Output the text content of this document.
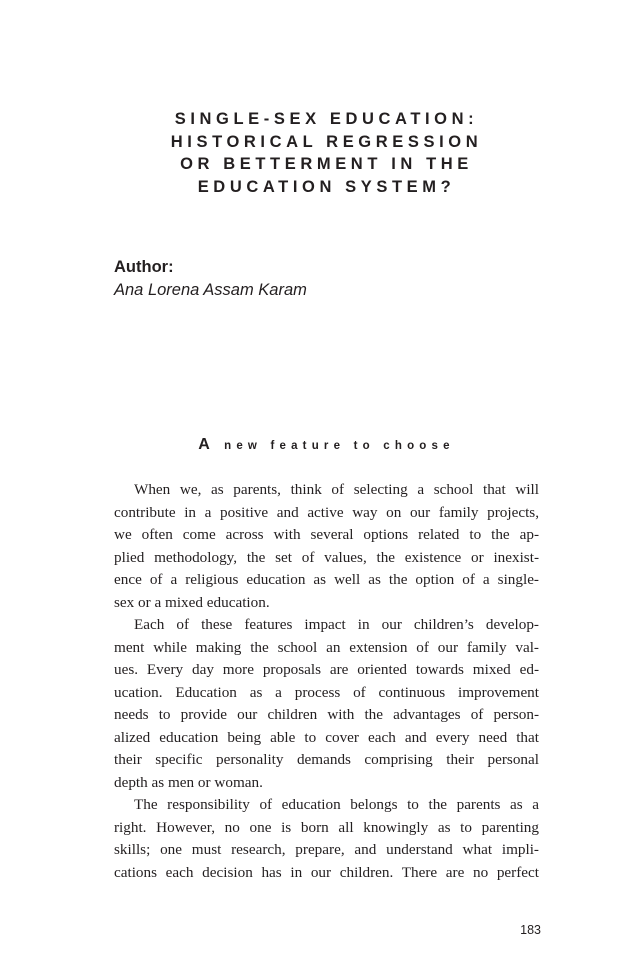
SINGLE-SEX EDUCATION:
HISTORICAL REGRESSION
OR BETTERMENT IN THE
EDUCATION SYSTEM?

Author:

Ana Lorena Assam Karam

A new feature to choose
When we, as parents, think of selecting a school that will
contribute in a positive and active way on our family projects,
we often come across with several options related to the ap-
plied methodology, the set of values, the existence or inexist-
ence of a religious education as well as the option of a single-
sex or a mixed education.
Each of these features impact in our children’s develop-
ment while making the school an extension of our family val-
ues. Every day more proposals are oriented towards mixed ed-
ucation. Education as a process of continuous improvement
needs to provide our children with the advantages of person-
alized education being able to cover each and every need that
their specific personality demands comprising their personal
depth as men or woman.
The responsibility of education belongs to the parents as a
right. However, no one is born all knowingly as to parenting
skills; one must research, prepare, and understand what impli-
cations each decision has in our children. There are no perfect

183
